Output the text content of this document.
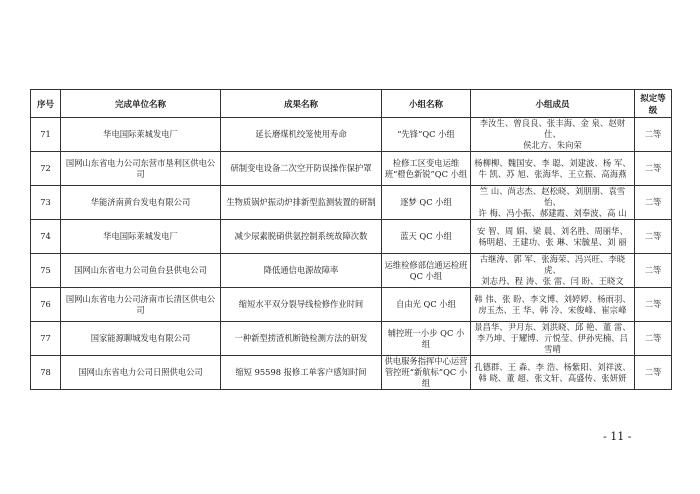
序号	完成单位名称	成果名称	小组名称	小组成员	拟定等级
71	华电国际莱城发电厂	延长磨煤机绞笼使用寿命	“先锋”QC 小组	李汝生、曾良良、张丰海、金 泉、赵财仕、
侯北方、朱向荣	二等
72	国网山东省电力公司东营市垦利区供电公司	研制变电设备二次空开防误操作保护罩	检修工区变电运维班“橙色新锐”QC 小组	杨柳柳、魏国安、李 聪、刘建波、杨 军、
牛 凯、苏 旭、张海华、王立振、高海燕	二等
73	华能济南黄台发电有限公司	生物质锅炉振动炉排新型监测装置的研制	逐梦 QC 小组	竺 山、尚志杰、赵松晓、刘朋朋、袁雪怡、
许 梅、冯小振、郝建霞、刘奉波、高 山	二等
74	华电国际莱城发电厂	减少尿素脱硝供氨控制系统故障次数	蓝天 QC 小组	安 智、周 娟、梁 晨、刘名胜、周丽华、
杨明超、王建功、张 琳、宋毓星、刘 丽	二等
75	国网山东省电力公司鱼台县供电公司	降低通信电源故障率	运维检修部信通运检班 QC 小组	古继涛、郭 军、张海荣、冯兴旺、李晓虎、
刘志丹、程 涛、张 雷、闫 盼、王晓文	二等
76	国网山东省电力公司济南市长清区供电公司	缩短水平双分裂导线检修作业时间	自由光 QC 小组	韩 伟、张 盼、李文博、刘婷婷、杨雨羽、
房玉杰、王 华、韩 冷、宋俊峰、崔宗峰	二等
77	国家能源聊城发电有限公司	一种新型捞渣机断链检测方法的研发	辅控班一小步 QC 小组	景昌华、尹月东、刘洪晓、邱 艳、董 雷、
李乃坤、于耀博、亓悦莹、伊孙宪楠、吕雪晴	二等
78	国网山东省电力公司日照供电公司	缩短 95598 报修工单客户感知时间	供电服务指挥中心运营管控班“新航标”QC 小组	孔德群、王 森、李 浩、杨紫阳、刘祥波、
韩 晓、董 超、张文轩、高盛传、张妍妍	二等
- 11 -
